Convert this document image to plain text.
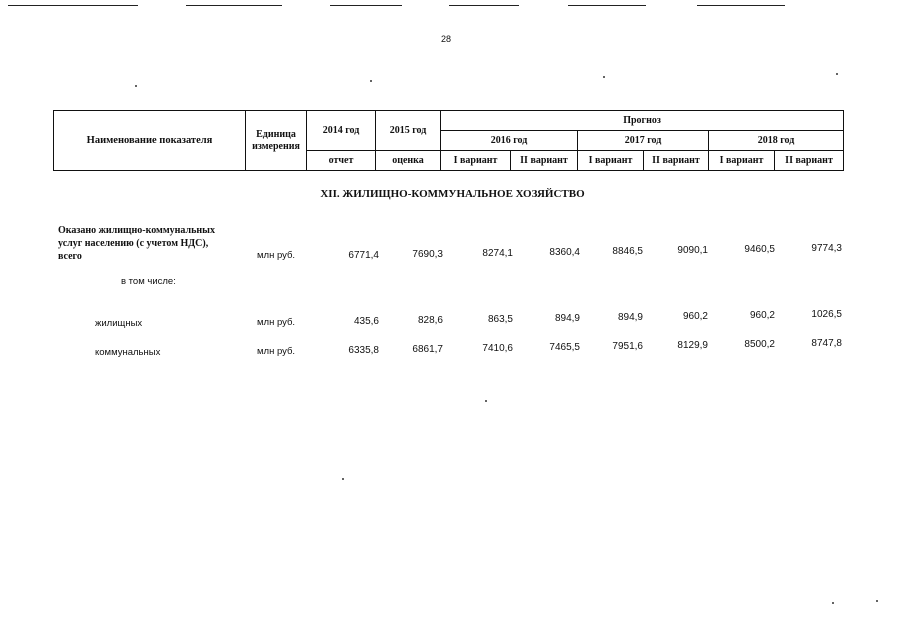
28
Наименование показателя	Единица измерения	2014 год	2015 год	Прогноз					
				2016 год		2017 год		2018 год	
		отчет	оценка	I вариант	II вариант	I вариант	II вариант	I вариант	II вариант
XII. ЖИЛИЩНО-КОММУНАЛЬНОЕ ХОЗЯЙСТВО
Оказано жилищно-коммунальных
услуг населению (с учетом НДС),
всего	млн руб.	6771,4	7690,3	8274,1	8360,4	8846,5	9090,1	9460,5	9774,3
в том числе:
жилищных	млн руб.	435,6	828,6	863,5	894,9	894,9	960,2	960,2	1026,5
коммунальных	млн руб.	6335,8	6861,7	7410,6	7465,5	7951,6	8129,9	8500,2	8747,8
